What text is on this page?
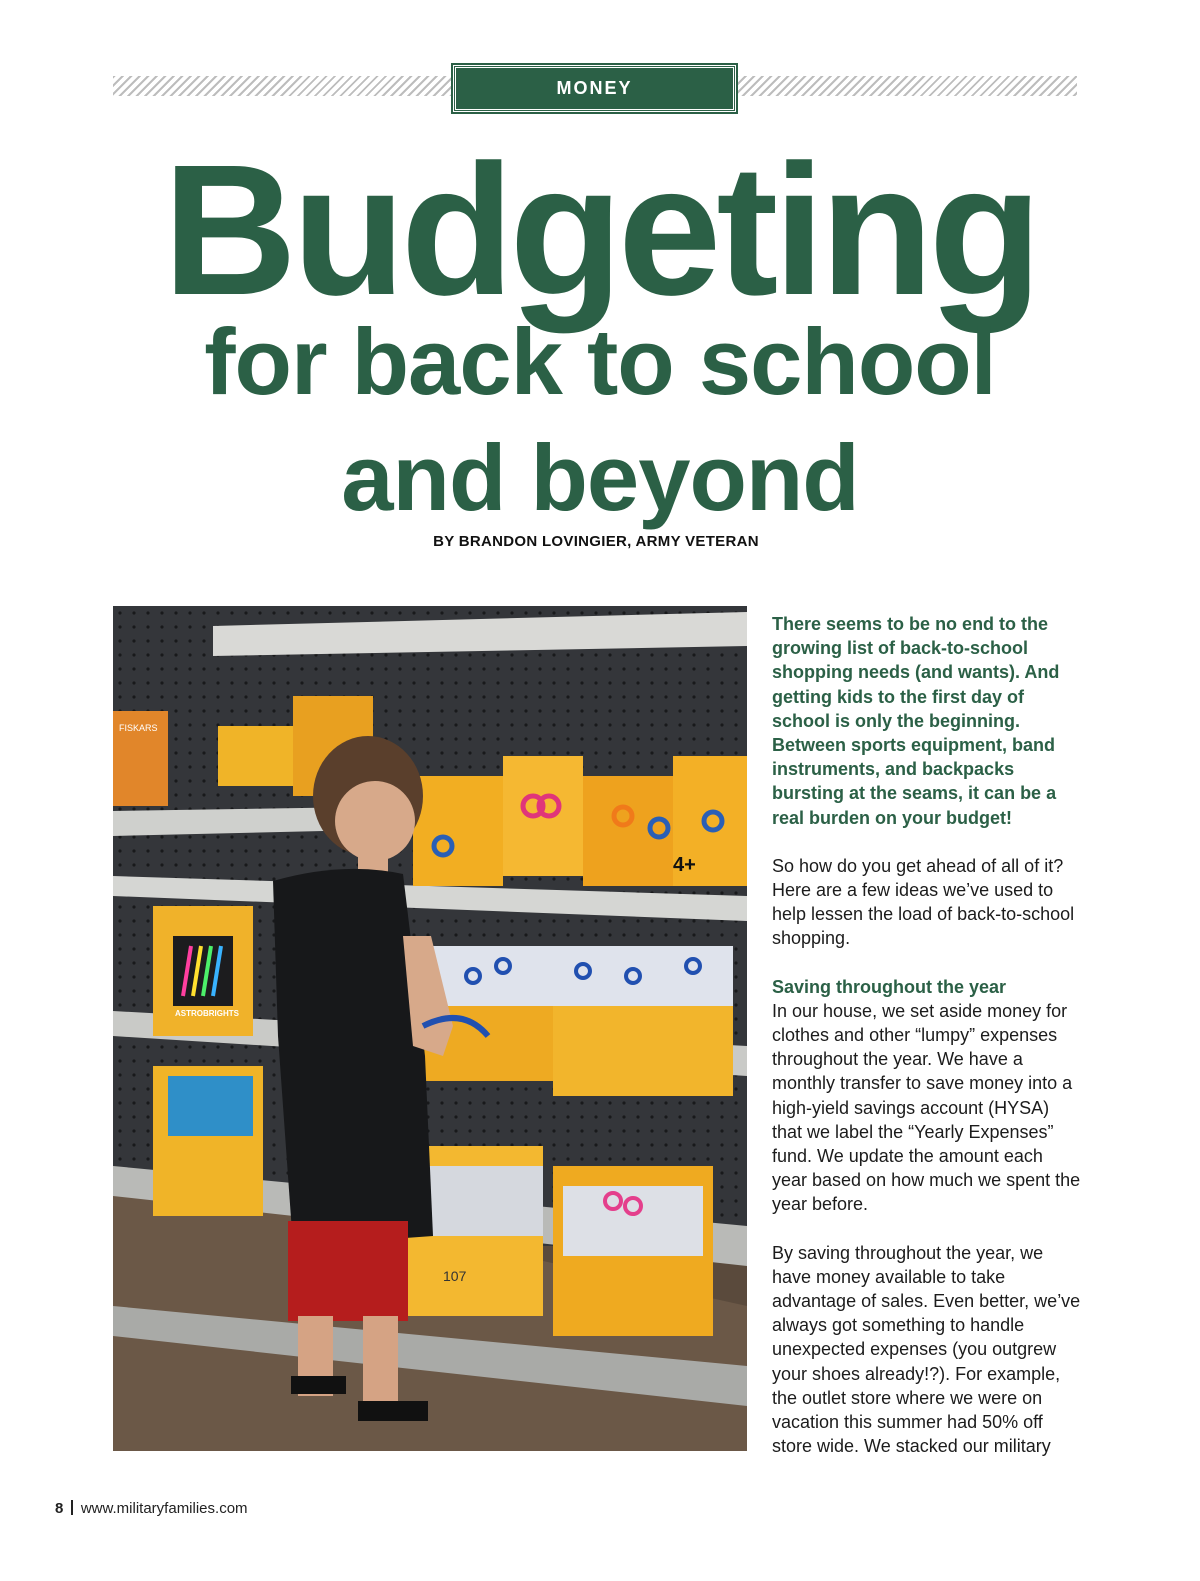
MONEY
Budgeting
for back to school
and beyond
BY BRANDON LOVINGIER, ARMY VETERAN
FISKARS
4+
ASTROBRIGHTS
107

There seems to be no end to the growing list of back-to-school shopping needs (and wants). And getting kids to the first day of school is only the beginning. Between sports equipment, band instruments, and backpacks bursting at the seams, it can be a real burden on your budget!

So how do you get ahead of all of it? Here are a few ideas we’ve used to help lessen the load of back-to-school shopping.

Saving throughout the year

In our house, we set aside money for clothes and other “lumpy” expenses throughout the year. We have a monthly transfer to save money into a high-yield savings account (HYSA) that we label the “Yearly Expenses” fund. We update the amount each year based on how much we spent the year before.

By saving throughout the year, we have money available to take advantage of sales. Even better, we’ve always got something to handle unexpected expenses (you outgrew your shoes already!?). For example, the outlet store where we were on vacation this summer had 50% off store wide. We stacked our military

8 www.militaryfamilies.com
